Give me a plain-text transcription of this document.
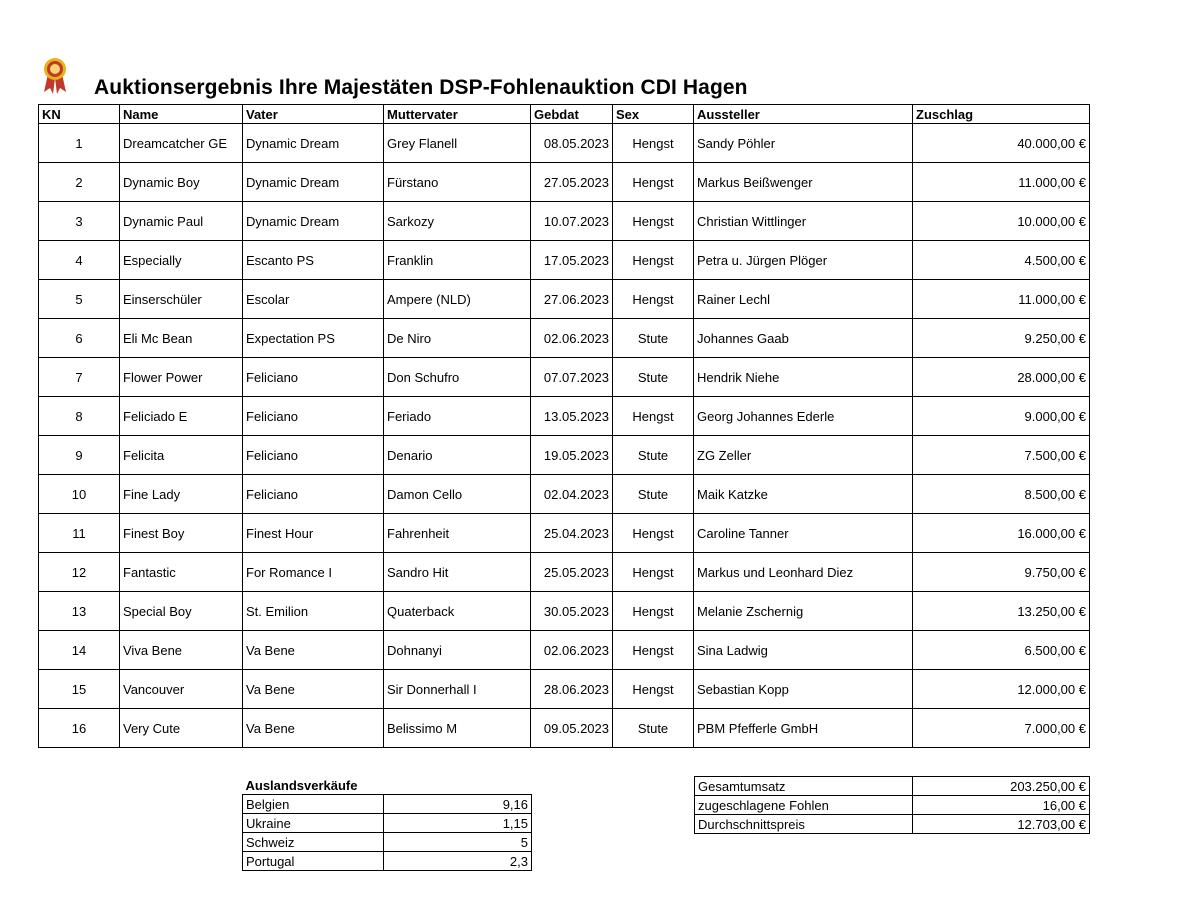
Auktionsergebnis Ihre Majestäten DSP-Fohlenauktion CDI Hagen
KN	Name	Vater	Muttervater	Gebdat	Sex	Aussteller	Zuschlag
1	Dreamcatcher GE	Dynamic Dream	Grey Flanell	08.05.2023	Hengst	Sandy Pöhler	40.000,00 €
2	Dynamic Boy	Dynamic Dream	Fürstano	27.05.2023	Hengst	Markus Beißwenger	11.000,00 €
3	Dynamic Paul	Dynamic Dream	Sarkozy	10.07.2023	Hengst	Christian Wittlinger	10.000,00 €
4	Especially	Escanto PS	Franklin	17.05.2023	Hengst	Petra u. Jürgen Plöger	4.500,00 €
5	Einserschüler	Escolar	Ampere (NLD)	27.06.2023	Hengst	Rainer Lechl	11.000,00 €
6	Eli Mc Bean	Expectation PS	De Niro	02.06.2023	Stute	Johannes Gaab	9.250,00 €
7	Flower Power	Feliciano	Don Schufro	07.07.2023	Stute	Hendrik Niehe	28.000,00 €
8	Feliciado E	Feliciano	Feriado	13.05.2023	Hengst	Georg Johannes Ederle	9.000,00 €
9	Felicita	Feliciano	Denario	19.05.2023	Stute	ZG Zeller	7.500,00 €
10	Fine Lady	Feliciano	Damon Cello	02.04.2023	Stute	Maik Katzke	8.500,00 €
11	Finest Boy	Finest Hour	Fahrenheit	25.04.2023	Hengst	Caroline Tanner	16.000,00 €
12	Fantastic	For Romance I	Sandro Hit	25.05.2023	Hengst	Markus und Leonhard Diez	9.750,00 €
13	Special Boy	St. Emilion	Quaterback	30.05.2023	Hengst	Melanie Zschernig	13.250,00 €
14	Viva Bene	Va Bene	Dohnanyi	02.06.2023	Hengst	Sina Ladwig	6.500,00 €
15	Vancouver	Va Bene	Sir Donnerhall I	28.06.2023	Hengst	Sebastian Kopp	12.000,00 €
16	Very Cute	Va Bene	Belissimo M	09.05.2023	Stute	PBM Pfefferle GmbH	7.000,00 €
Auslandsverkäufe	
Belgien	9,16
Ukraine	1,15
Schweiz	5
Portugal	2,3
Gesamtumsatz	203.250,00 €
zugeschlagene Fohlen	16,00 €
Durchschnittspreis	12.703,00 €
